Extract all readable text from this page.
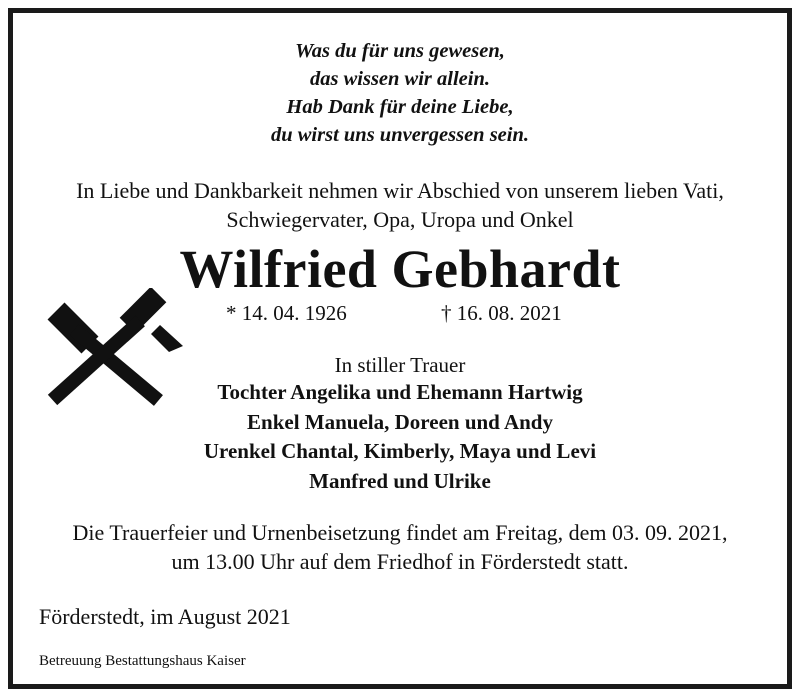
Was du für uns gewesen,
das wissen wir allein.
Hab Dank für deine Liebe,
du wirst uns unvergessen sein.
In Liebe und Dankbarkeit nehmen wir Abschied von unserem lieben Vati,
Schwiegervater, Opa, Uropa und Onkel
Wilfried Gebhardt
* 14. 04. 1926	† 16. 08. 2021
In stiller Trauer
Tochter Angelika und Ehemann Hartwig
Enkel Manuela, Doreen und Andy
Urenkel Chantal, Kimberly, Maya und Levi
Manfred und Ulrike
Die Trauerfeier und Urnenbeisetzung findet am Freitag, dem 03. 09. 2021,
um 13.00 Uhr auf dem Friedhof in Förderstedt statt.
Förderstedt, im August 2021
Betreuung Bestattungshaus Kaiser
